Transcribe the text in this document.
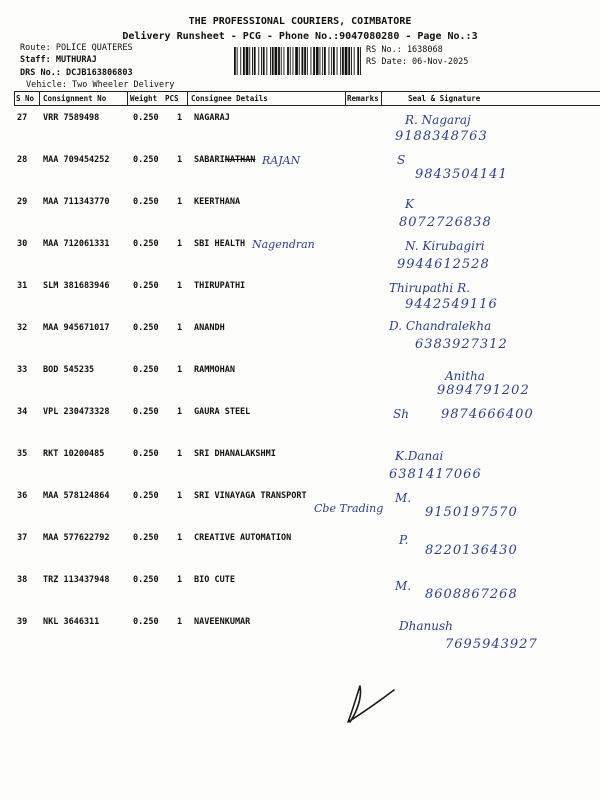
THE PROFESSIONAL COURIERS, COIMBATORE
Delivery Runsheet - PCG - Phone No.:9047080280 - Page No.:3
Route: POLICE QUATERES
Staff: MUTHURAJ
DRS No.: DCJB163806803
Vehicle: Two Wheeler Delivery
RS No.: 1638068
RS Date: 06-Nov-2025
S No Consignment No	Weight PCS Consignee Details	Remarks	Seal & Signature
27 VRR 7589498	0.250 1 NAGARAJ	R. Nagaraj
9188348763
28 MAA 709454252	0.250 1 SABARINATHAN RAJAN	S
9843504141
29 MAA 711343770	0.250 1 KEERTHANA	K
8072726838
30 MAA 712061331	0.250 1 SBI HEALTH Nagendran	N. Kirubagiri
9944612528
31 SLM 381683946	0.250 1 THIRUPATHI	Thirupathi R.
9442549116
32 MAA 945671017	0.250 1 ANANDH	D. Chandralekha
6383927312
33 BOD 545235	0.250 1 RAMMOHAN	Anitha
9894791202
34 VPL 230473328	0.250 1 GAURA STEEL	Sh 9874666400
35 RKT 10200485	0.250 1 SRI DHANALAKSHMI	K.Danai
6381417066
36 MAA 578124864	0.250 1 SRI VINAYAGA TRANSPORT
Cbe Trading
M.
9150197570
37 MAA 577622792	0.250 1 CREATIVE AUTOMATION	P.
8220136430
38 TRZ 113437948	0.250 1 BIO CUTE	M.
8608867268
39 NKL 3646311	0.250 1 NAVEENKUMAR	Dhanush
7695943927
